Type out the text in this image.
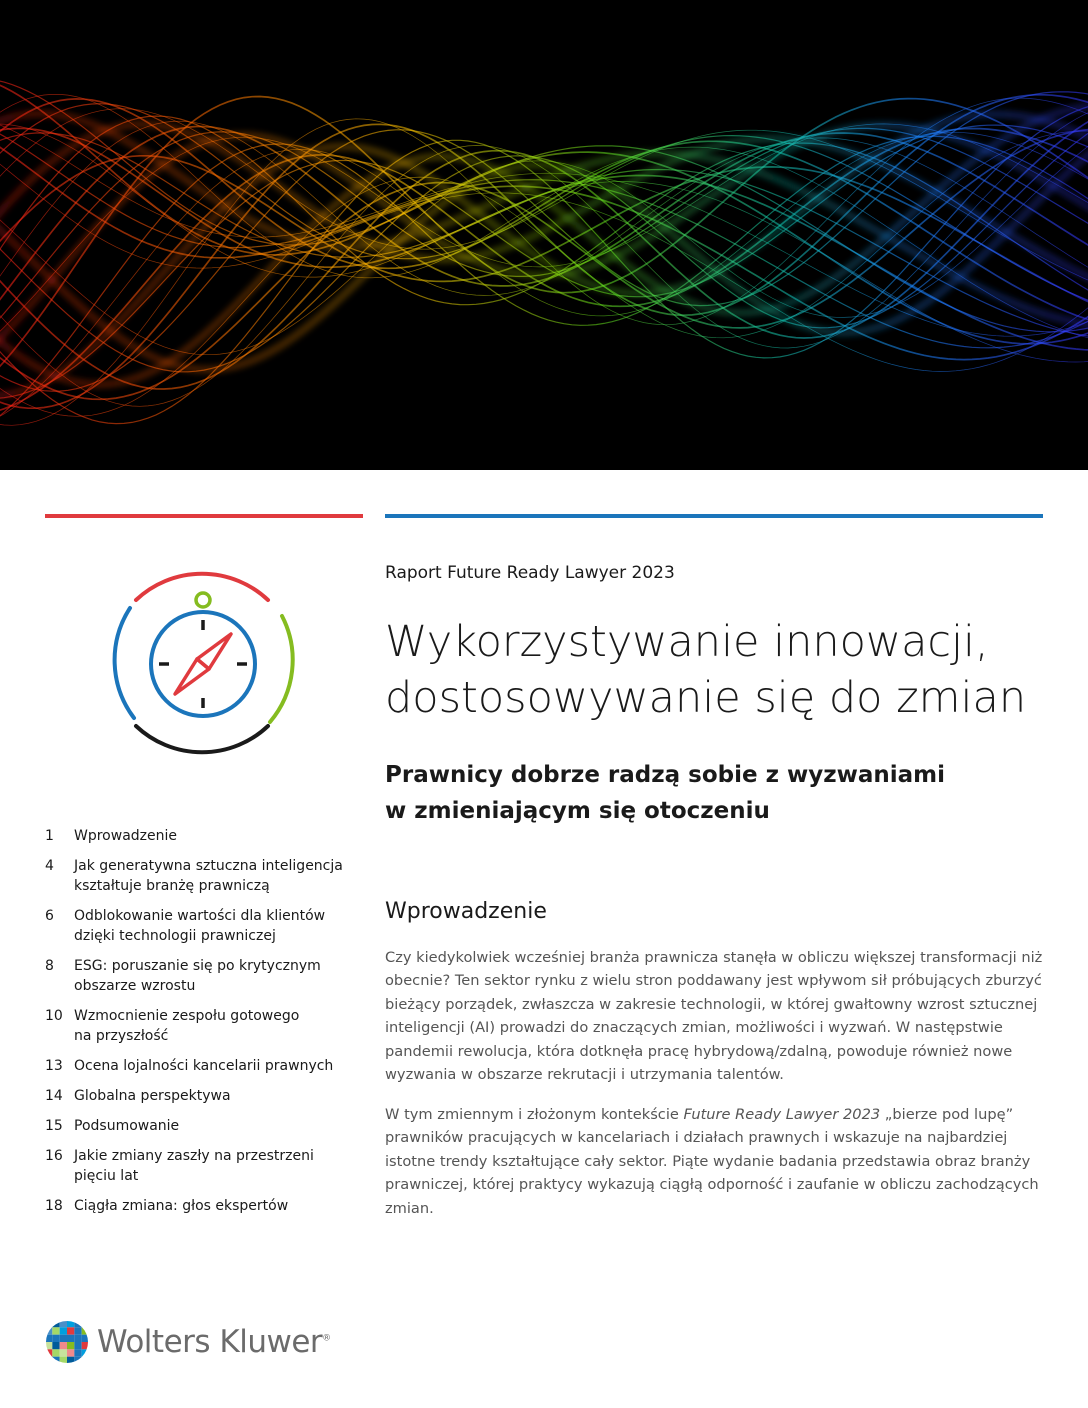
Raport Future Ready Lawyer 2023
Wykorzystywanie innowacji,
dostosowywanie się do zmian
Prawnicy dobrze radzą sobie z wyzwaniami
w zmieniającym się otoczeniu
1	Wprowadzenie
4	Jak generatywna sztuczna inteligencja
kształtuje branżę prawniczą
6	Odblokowanie wartości dla klientów
dzięki technologii prawniczej
8	ESG: poruszanie się po krytycznym
obszarze wzrostu
10 Wzmocnienie zespołu gotowego
na przyszłość
13 Ocena lojalności kancelarii prawnych
14 Globalna perspektywa
15 Podsumowanie
16 Jakie zmiany zaszły na przestrzeni
pięciu lat
18 Ciągła zmiana: głos ekspertów
Wprowadzenie

Czy kiedykolwiek wcześniej branża prawnicza stanęła w obliczu większej transformacji niż obecnie? Ten sektor rynku z wielu stron poddawany jest wpływom sił próbujących zburzyć bieżący porządek, zwłaszcza w zakresie technologii, w której gwałtowny wzrost sztucznej inteligencji (AI) prowadzi do znaczących zmian, możliwości i wyzwań. W następstwie pandemii rewolucja, która dotknęła pracę hybrydową/zdalną, powoduje również nowe wyzwania w obszarze rekrutacji i utrzymania talentów.

W tym zmiennym i złożonym kontekście Future Ready Lawyer 2023 „bierze pod lupę” prawników pracujących w kancelariach i działach prawnych i wskazuje na najbardziej istotne trendy kształtujące cały sektor. Piąte wydanie badania przedstawia obraz branży prawniczej, której praktycy wykazują ciągłą odporność i zaufanie w obliczu zachodzących zmian.

Wolters Kluwer®
